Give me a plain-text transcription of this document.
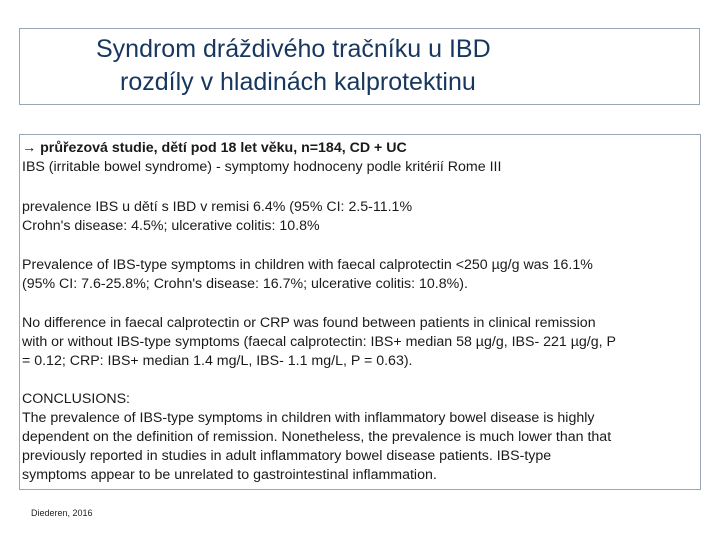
Syndrom dráždivého tračníku u IBD
rozdíly v hladinách kalprotektinu
→ průřezová studie, dětí pod 18 let věku, n=184, CD + UC
IBS (irritable bowel syndrome) - symptomy hodnoceny podle kritérií Rome III
prevalence IBS u dětí s IBD v remisi 6.4% (95% CI: 2.5-11.1%
Crohn's disease: 4.5%; ulcerative colitis: 10.8%
Prevalence of IBS-type symptoms in children with faecal calprotectin <250 µg/g was 16.1%
(95% CI: 7.6-25.8%; Crohn's disease: 16.7%; ulcerative colitis: 10.8%).
No difference in faecal calprotectin or CRP was found between patients in clinical remission
with or without IBS-type symptoms (faecal calprotectin: IBS+ median 58 µg/g, IBS- 221 µg/g, P
= 0.12; CRP: IBS+ median 1.4 mg/L, IBS- 1.1 mg/L, P = 0.63).
CONCLUSIONS:
The prevalence of IBS-type symptoms in children with inflammatory bowel disease is highly
dependent on the definition of remission. Nonetheless, the prevalence is much lower than that
previously reported in studies in adult inflammatory bowel disease patients. IBS-type
symptoms appear to be unrelated to gastrointestinal inflammation.
Diederen, 2016
